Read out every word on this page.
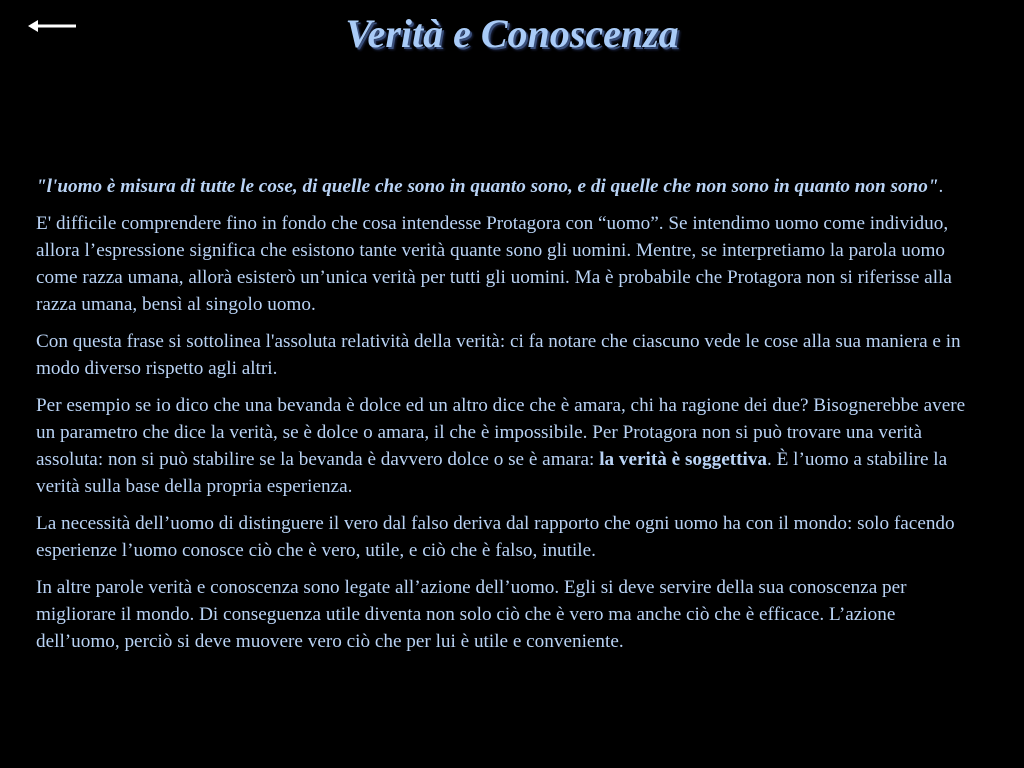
Verità e Conoscenza

"l'uomo è misura di tutte le cose, di quelle che sono in quanto sono, e di quelle che non sono in quanto non sono".

E' difficile comprendere fino in fondo che cosa intendesse Protagora con “uomo”. Se intendimo uomo come individuo, allora l’espressione significa che esistono tante verità quante sono gli uomini. Mentre, se interpretiamo la parola uomo come razza umana, allorà esisterò un’unica verità per tutti gli uomini. Ma è probabile che Protagora non si riferisse alla razza umana, bensì al singolo uomo.

Con questa frase si sottolinea l'assoluta relatività della verità: ci fa notare che ciascuno vede le cose alla sua maniera e in modo diverso rispetto agli altri.

Per esempio se io dico che una bevanda è dolce ed un altro dice che è amara, chi ha ragione dei due? Bisognerebbe avere un parametro che dice la verità, se è dolce o amara, il che è impossibile. Per Protagora non si può trovare una verità assoluta: non si può stabilire se la bevanda è davvero dolce o se è amara: la verità è soggettiva. È l’uomo a stabilire la verità sulla base della propria esperienza.

La necessità dell’uomo di distinguere il vero dal falso deriva dal rapporto che ogni uomo ha con il mondo: solo facendo esperienze l’uomo conosce ciò che è vero, utile, e ciò che è falso, inutile.

In altre parole verità e conoscenza sono legate all’azione dell’uomo. Egli si deve servire della sua conoscenza per migliorare il mondo. Di conseguenza utile diventa non solo ciò che è vero ma anche ciò che è efficace. L’azione dell’uomo, perciò si deve muovere vero ciò che per lui è utile e conveniente.
